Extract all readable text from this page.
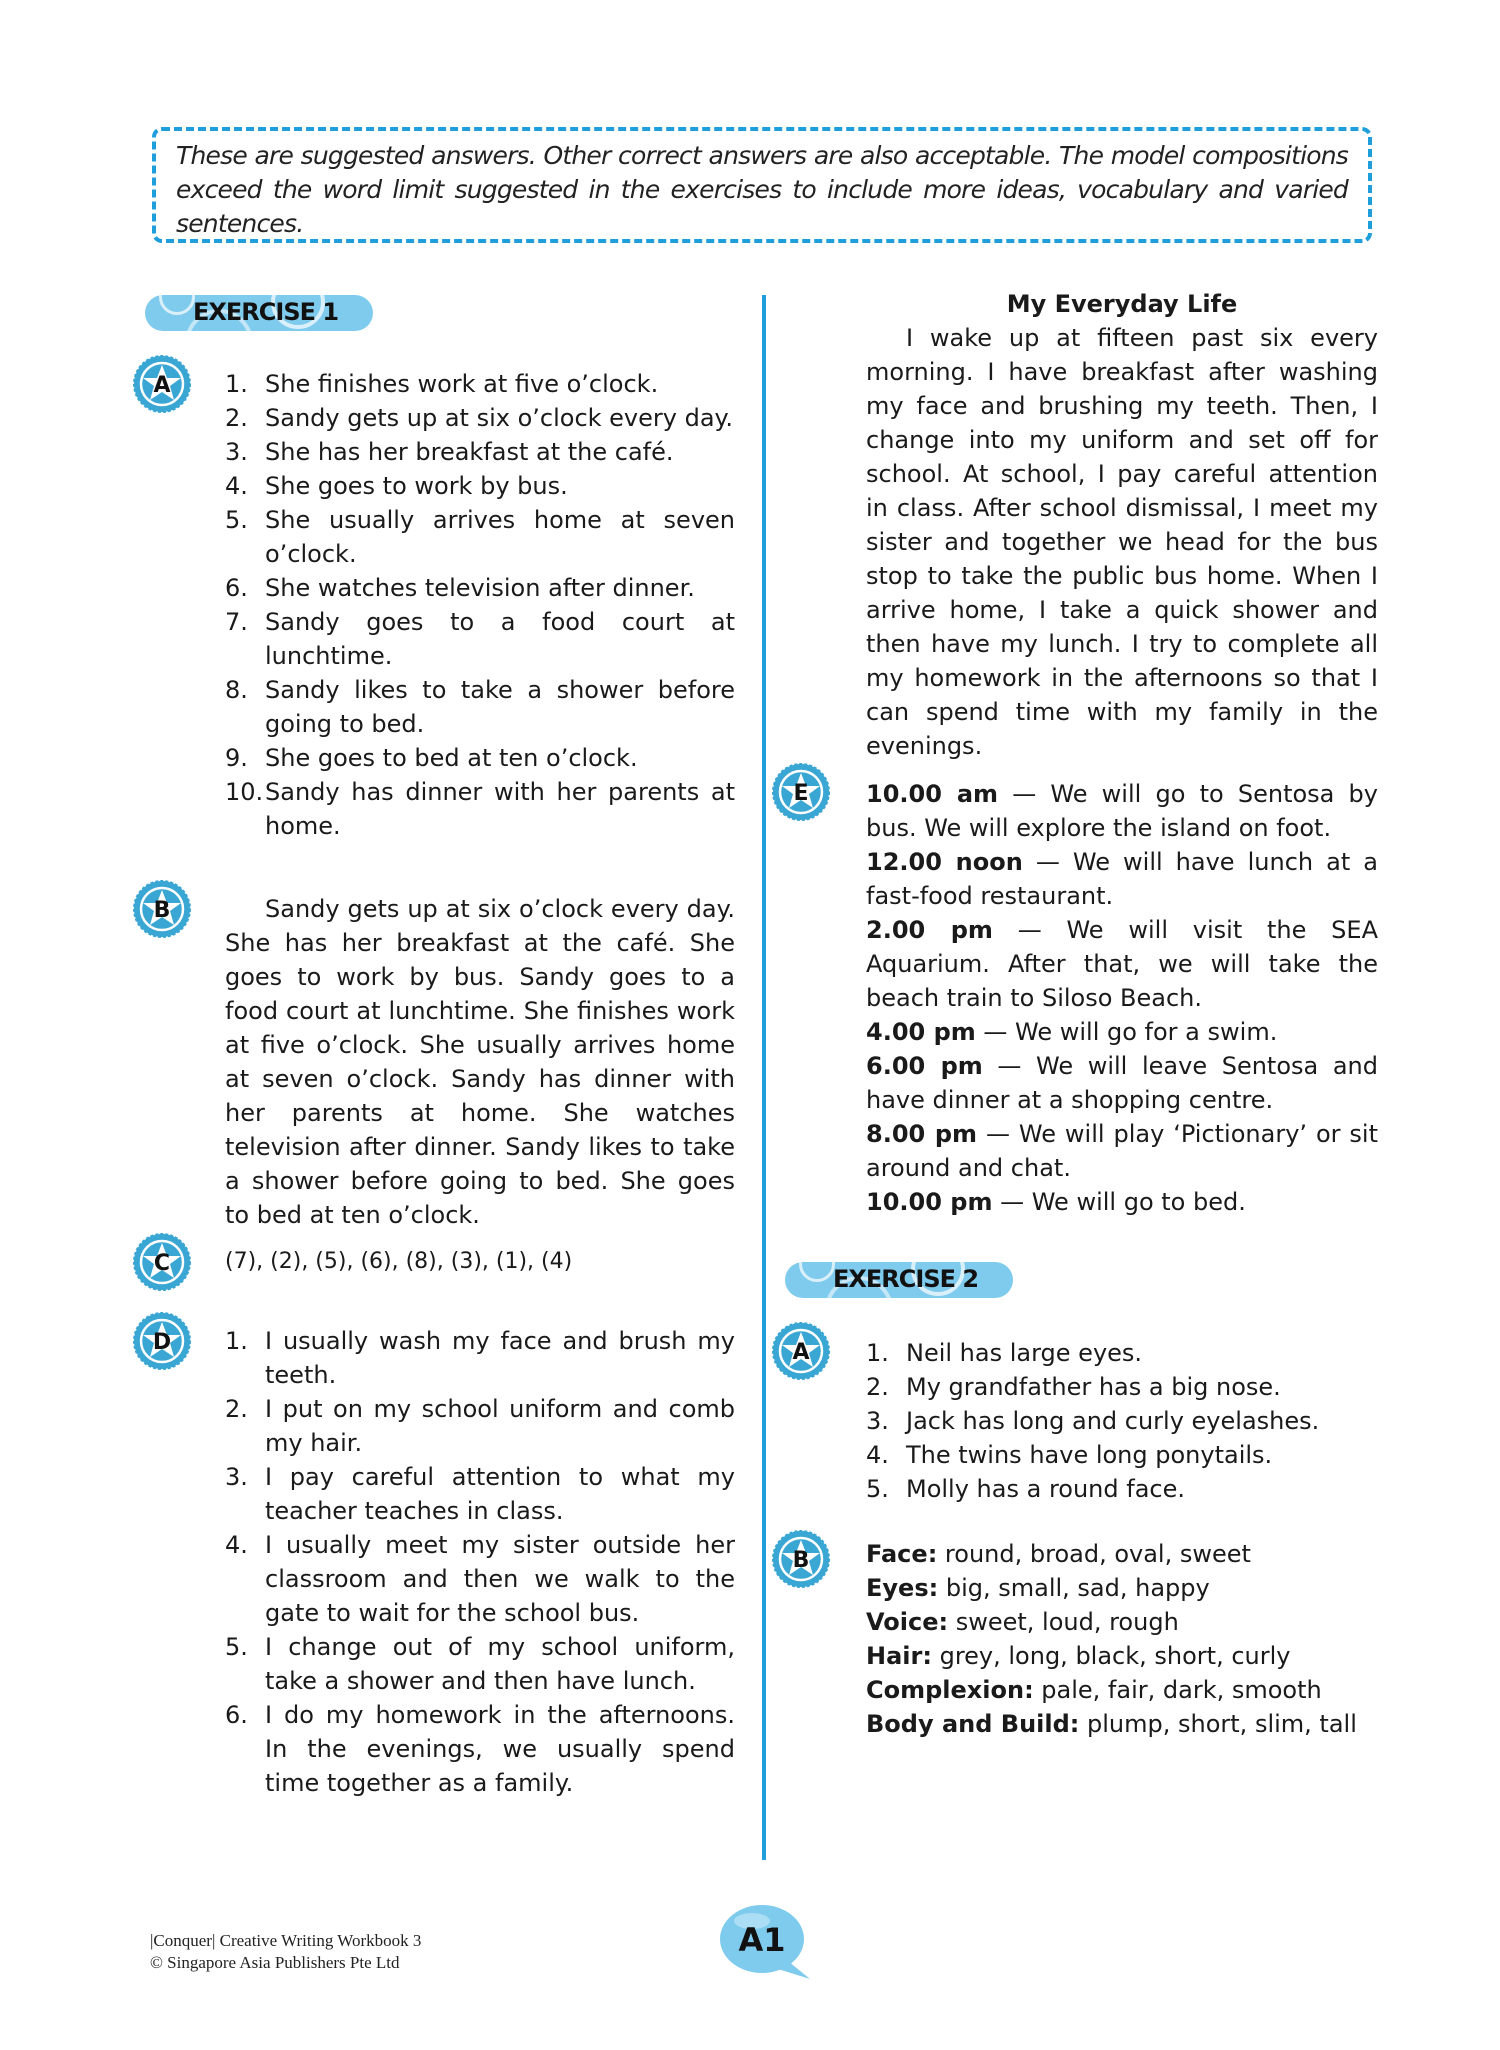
These are suggested answers. Other correct answers are also acceptable. The model compositions exceed the word limit suggested in the exercises to include more ideas, vocabulary and varied sentences.
EXERCISE 1
A 1. She finishes work at five o’clock.
2. Sandy gets up at six o’clock every day.
3. She has her breakfast at the café.
4. She goes to work by bus.
5. She usually arrives home at seven o’clock.
6. She watches television after dinner.
7. Sandy goes to a food court at lunchtime.
8. Sandy likes to take a shower before going to bed.
9. She goes to bed at ten o’clock.
10. Sandy has dinner with her parents at home.
B	Sandy gets up at six o’clock every day. She has her breakfast at the café. She goes to work by bus. Sandy goes to a food court at lunchtime. She finishes work at five o’clock. She usually arrives home at seven o’clock. Sandy has dinner with her parents at home. She watches television after dinner. Sandy likes to take a shower before going to bed. She goes to bed at ten o’clock.

C (7), (2), (5), (6), (8), (3), (1), (4)
D 1. I usually wash my face and brush my teeth.
2. I put on my school uniform and comb my hair.
3. I pay careful attention to what my teacher teaches in class.
4. I usually meet my sister outside her classroom and then we walk to the gate to wait for the school bus.
5. I change out of my school uniform, take a shower and then have lunch.
6. I do my homework in the afternoons. In the evenings, we usually spend time together as a family.
My Everyday Life

I wake up at fifteen past six every morning. I have breakfast after washing my face and brushing my teeth. Then, I change into my uniform and set off for school. At school, I pay careful attention in class. After school dismissal, I meet my sister and together we head for the bus stop to take the public bus home. When I arrive home, I take a quick shower and then have my lunch. I try to complete all my homework in the afternoons so that I can spend time with my family in the evenings.

E 10.00 am — We will go to Sentosa by bus. We will explore the island on foot.
12.00 noon — We will have lunch at a fast-food restaurant.
2.00 pm — We will visit the SEA Aquarium. After that, we will take the beach train to Siloso Beach.
4.00 pm — We will go for a swim.
6.00 pm — We will leave Sentosa and have dinner at a shopping centre.
8.00 pm — We will play ‘Pictionary’ or sit around and chat.
10.00 pm — We will go to bed.
EXERCISE 2
A 1. Neil has large eyes.
2. My grandfather has a big nose.
3. Jack has long and curly eyelashes.
4. The twins have long ponytails.
5. Molly has a round face.
B Face: round, broad, oval, sweet
Eyes: big, small, sad, happy
Voice: sweet, loud, rough
Hair: grey, long, black, short, curly
Complexion: pale, fair, dark, smooth
Body and Build: plump, short, slim, tall
A1
|Conquer| Creative Writing Workbook 3
© Singapore Asia Publishers Pte Ltd
